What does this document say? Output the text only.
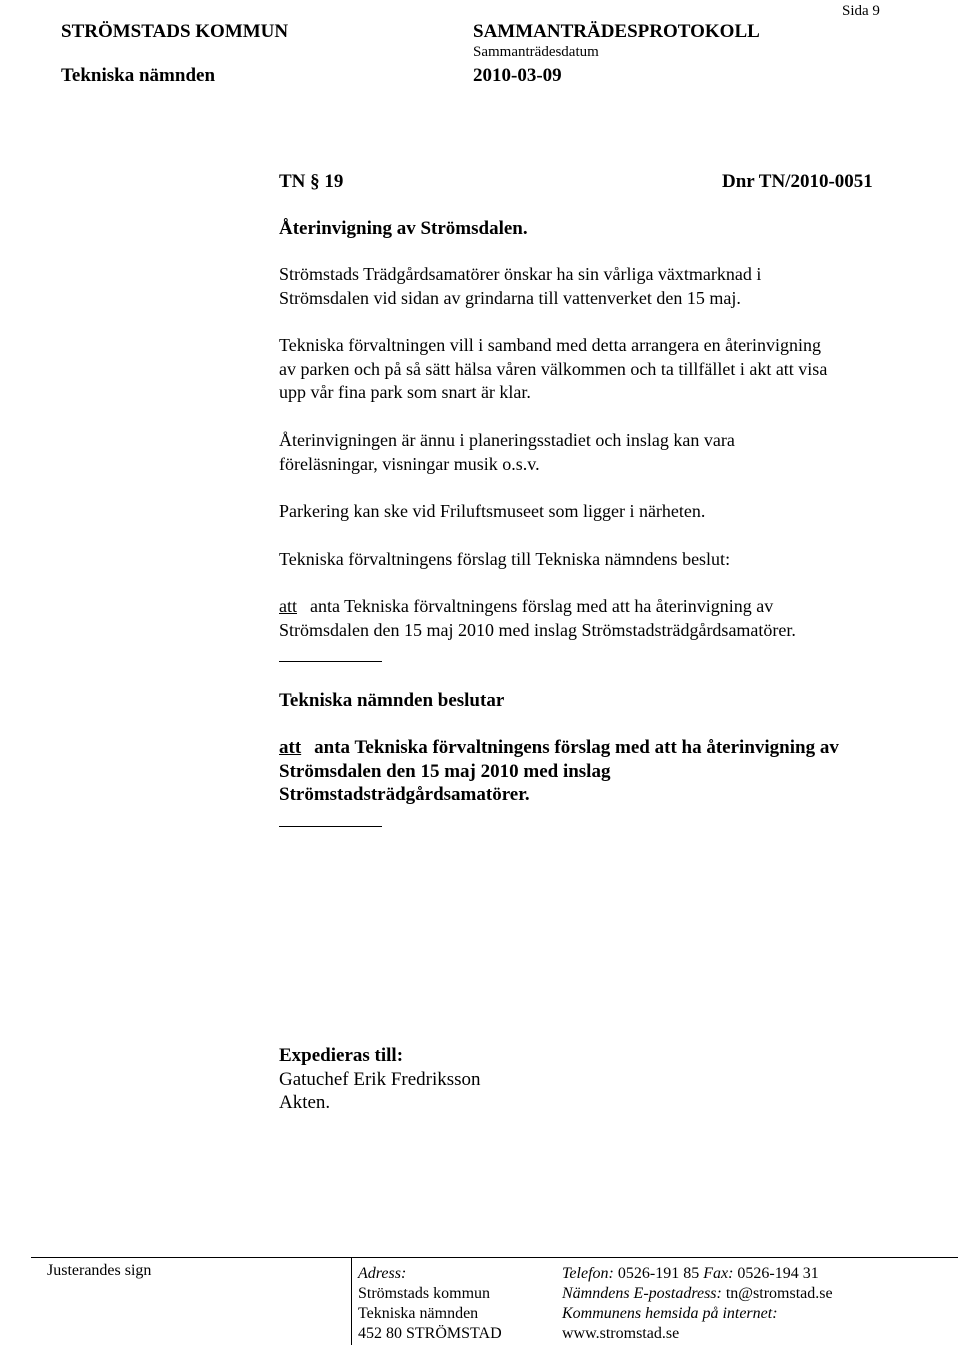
Sida 9
STRÖMSTADS KOMMUN
Tekniska nämnden
SAMMANTRÄDESPROTOKOLL
Sammanträdesdatum
2010-03-09
TN § 19	Dnr TN/2010-0051
Återinvigning av Strömsdalen.
Strömstads Trädgårdsamatörer önskar ha sin vårliga växtmarknad i
Strömsdalen vid sidan av grindarna till vattenverket den 15 maj.
Tekniska förvaltningen vill i samband med detta arrangera en återinvigning
av parken och på så sätt hälsa våren välkommen och ta tillfället i akt att visa
upp vår fina park som snart är klar.
Återinvigningen är ännu i planeringsstadiet och inslag kan vara
föreläsningar, visningar musik o.s.v.
Parkering kan ske vid Friluftsmuseet som ligger i närheten.
Tekniska förvaltningens förslag till Tekniska nämndens beslut:
att anta Tekniska förvaltningens förslag med att ha återinvigning av
Strömsdalen den 15 maj 2010 med inslag Strömstadsträdgårdsamatörer.
Tekniska nämnden beslutar
att anta Tekniska förvaltningens förslag med att ha återinvigning av
Strömsdalen den 15 maj 2010 med inslag
Strömstadsträdgårdsamatörer.
Expedieras till:
Gatuchef Erik Fredriksson
Akten.
Justerandes sign	Adress:
Strömstads kommun
Tekniska nämnden
452 80 STRÖMSTAD
Telefon: 0526-191 85 Fax: 0526-194 31
Nämndens E-postadress: tn@stromstad.se
Kommunens hemsida på internet:
www.stromstad.se
